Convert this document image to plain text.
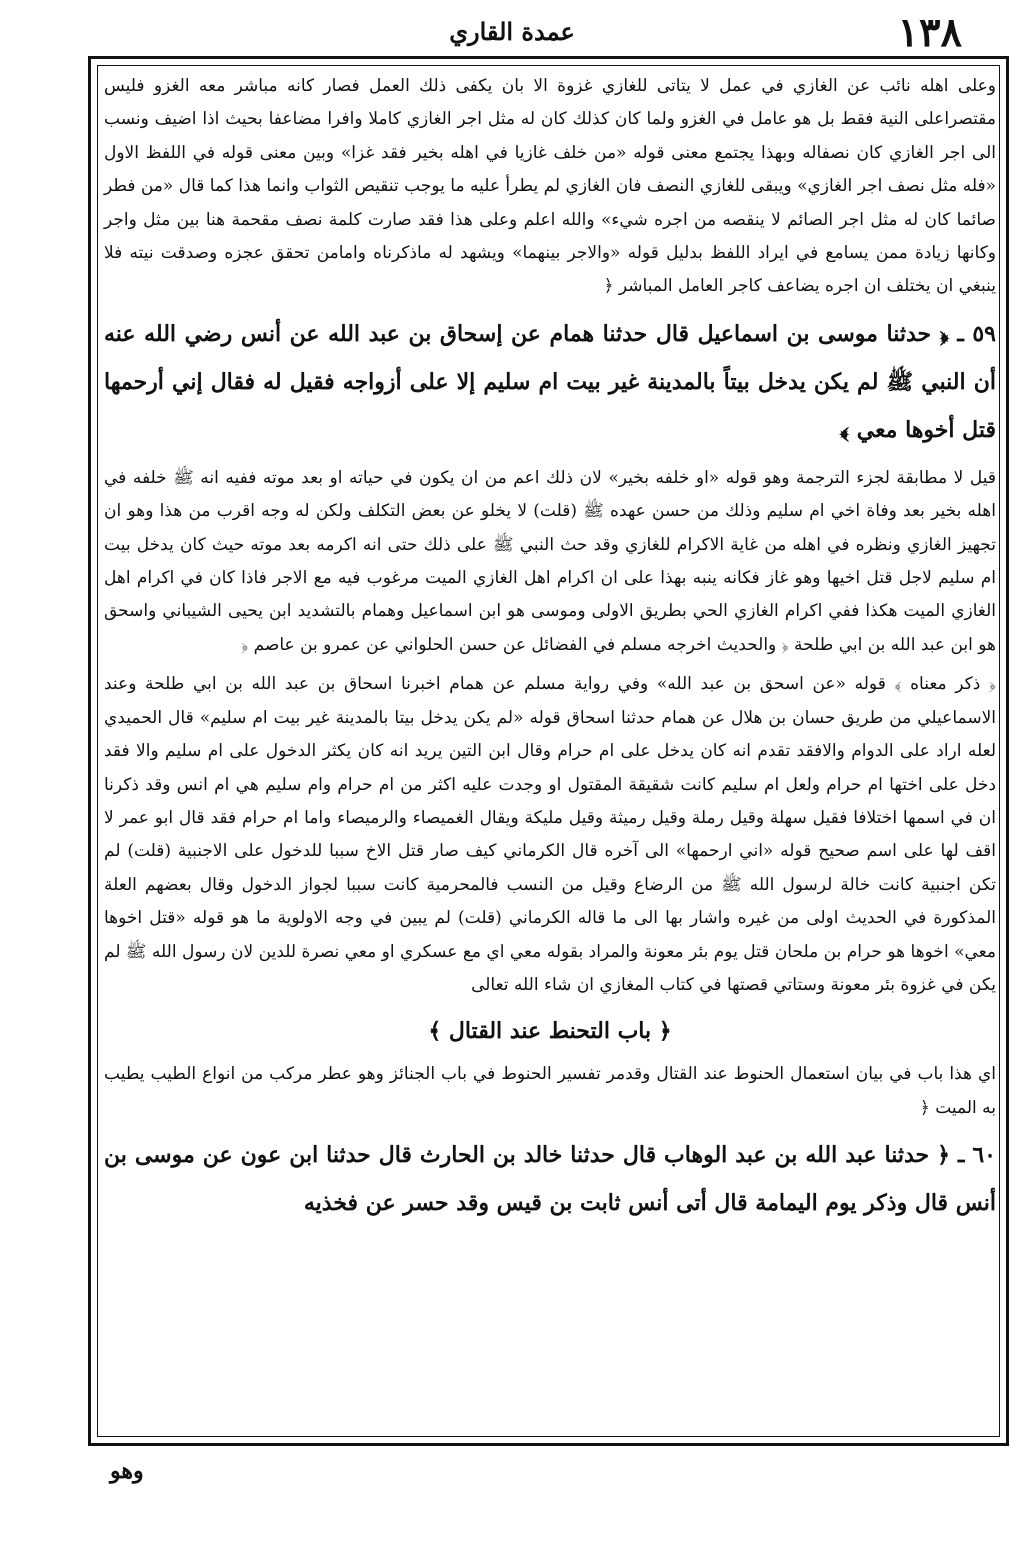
١٣٨
عمدة القاري

وعلى اهله نائب عن الغازي في عمل لا يتاتى للغازي غزوة الا بان يكفى ذلك العمل فصار كانه مباشر معه الغزو فليس مقتصراعلى النية فقط بل هو عامل في الغزو ولما كان كذلك كان له مثل اجر الغازي كاملا وافرا مضاعفا بحيث اذا اضيف ونسب الى اجر الغازي كان نصفاله وبهذا يجتمع معنى قوله «من خلف غازيا في اهله بخير فقد غزا» وبين معنى قوله في اللفظ الاول «فله مثل نصف اجر الغازي» ويبقى للغازي النصف فان الغازي لم يطرأ عليه ما يوجب تنقيص الثواب وانما هذا كما قال «من فطر صائما كان له مثل اجر الصائم لا ينقصه من اجره شيء» والله اعلم وعلى هذا فقد صارت كلمة نصف مقحمة هنا بين مثل واجر وكانها زيادة ممن يسامع في ايراد اللفظ بدليل قوله «والاجر بينهما» ويشهد له ماذكرناه وامامن تحقق عجزه وصدقت نيته فلا ينبغي ان يختلف ان اجره يضاعف كاجر العامل المباشر ﴿

٥٩ ـ ﴿ حدثنا موسى بن اسماعيل قال حدثنا همام عن إسحاق بن عبد الله عن أنس رضي الله عنه أن النبي ﷺ لم يكن يدخل بيتاً بالمدينة غير بيت ام سليم إلا على أزواجه فقيل له فقال إني أرحمها قتل أخوها معي ﴾

قيل لا مطابقة لجزء الترجمة وهو قوله «او خلفه بخير» لان ذلك اعم من ان يكون في حياته او بعد موته ففيه انه ﷺ خلفه في اهله بخير بعد وفاة اخي ام سليم وذلك من حسن عهده ﷺ (قلت) لا يخلو عن بعض التكلف ولكن له وجه اقرب من هذا وهو ان تجهيز الغازي ونظره في اهله من غاية الاكرام للغازي وقد حث النبي ﷺ على ذلك حتى انه اكرمه بعد موته حيث كان يدخل بيت ام سليم لاجل قتل اخيها وهو غاز فكانه ينبه بهذا على ان اكرام اهل الغازي الميت مرغوب فيه مع الاجر فاذا كان في اكرام اهل الغازي الميت هكذا ففي اكرام الغازي الحي بطريق الاولى وموسى هو ابن اسماعيل وهمام بالتشديد ابن يحيى الشيباني واسحق هو ابن عبد الله بن ابي طلحة ﴿ والحديث اخرجه مسلم في الفضائل عن حسن الحلواني عن عمرو بن عاصم ﴿

﴿ ذكر معناه ﴾ قوله «عن اسحق بن عبد الله» وفي رواية مسلم عن همام اخبرنا اسحاق بن عبد الله بن ابي طلحة وعند الاسماعيلي من طريق حسان بن هلال عن همام حدثنا اسحاق قوله «لم يكن يدخل بيتا بالمدينة غير بيت ام سليم» قال الحميدي لعله اراد على الدوام والافقد تقدم انه كان يدخل على ام حرام وقال ابن التين يريد انه كان يكثر الدخول على ام سليم والا فقد دخل على اختها ام حرام ولعل ام سليم كانت شقيقة المقتول او وجدت عليه اكثر من ام حرام وام سليم هي ام انس وقد ذكرنا ان في اسمها اختلافا فقيل سهلة وقيل رملة وقيل رميثة وقيل مليكة ويقال الغميصاء والرميصاء واما ام حرام فقد قال ابو عمر لا اقف لها على اسم صحيح قوله «اني ارحمها» الى آخره قال الكرماني كيف صار قتل الاخ سببا للدخول على الاجنبية (قلت) لم تكن اجنبية كانت خالة لرسول الله ﷺ من الرضاع وقيل من النسب فالمحرمية كانت سببا لجواز الدخول وقال بعضهم العلة المذكورة في الحديث اولى من غيره واشار بها الى ما قاله الكرماني (قلت) لم يبين في وجه الاولوية ما هو قوله «قتل اخوها معي» اخوها هو حرام بن ملحان قتل يوم بئر معونة والمراد بقوله معي اي مع عسكري او معي نصرة للدين لان رسول الله ﷺ لم يكن في غزوة بئر معونة وستاتي قصتها في كتاب المغازي ان شاء الله تعالى

﴿ باب التحنط عند القتال ﴾

اي هذا باب في بيان استعمال الحنوط عند القتال وقدمر تفسير الحنوط في باب الجنائز وهو عطر مركب من انواع الطيب يطيب به الميت ﴿

٦٠ ـ ﴿ حدثنا عبد الله بن عبد الوهاب قال حدثنا خالد بن الحارث قال حدثنا ابن عون عن موسى بن أنس قال وذكر يوم اليمامة قال أتى أنس ثابت بن قيس وقد حسر عن فخذيه

وهو
